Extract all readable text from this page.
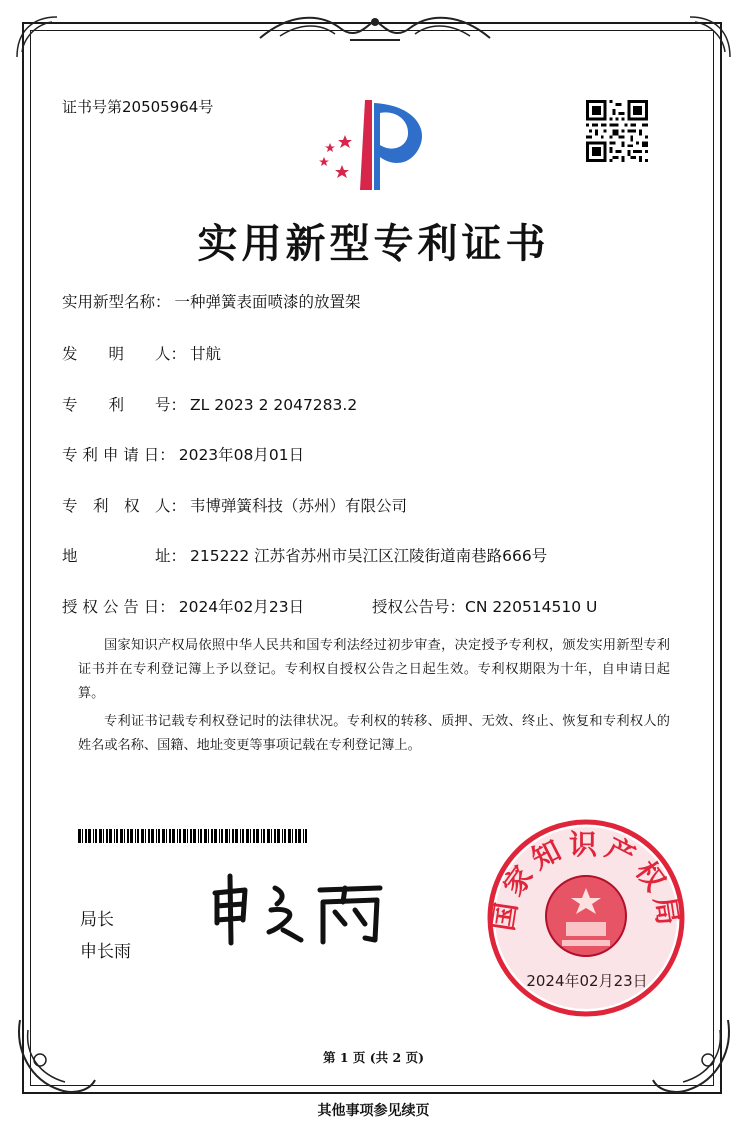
证书号第20505964号
实用新型专利证书
实用新型名称： 一种弹簧表面喷漆的放置架
发　　明　　人： 甘航
专　　利　　号： ZL 2023 2 2047283.2
专 利 申 请 日： 2023年08月01日
专　利　权　人： 韦博弹簧科技（苏州）有限公司
地　　　　　址： 215222 江苏省苏州市吴江区江陵街道南巷路666号
授 权 公 告 日： 2024年02月23日	授权公告号：CN 220514510 U
国家知识产权局依照中华人民共和国专利法经过初步审查，决定授予专利权，颁发实用新型专利证书并在专利登记簿上予以登记。专利权自授权公告之日起生效。专利权期限为十年，自申请日起算。
专利证书记载专利权登记时的法律状况。专利权的转移、质押、无效、终止、恢复和专利权人的姓名或名称、国籍、地址变更等事项记载在专利登记簿上。
局长
申长雨
国家知识产权局
2024年02月23日
第 1 页 (共 2 页)
其他事项参见续页
